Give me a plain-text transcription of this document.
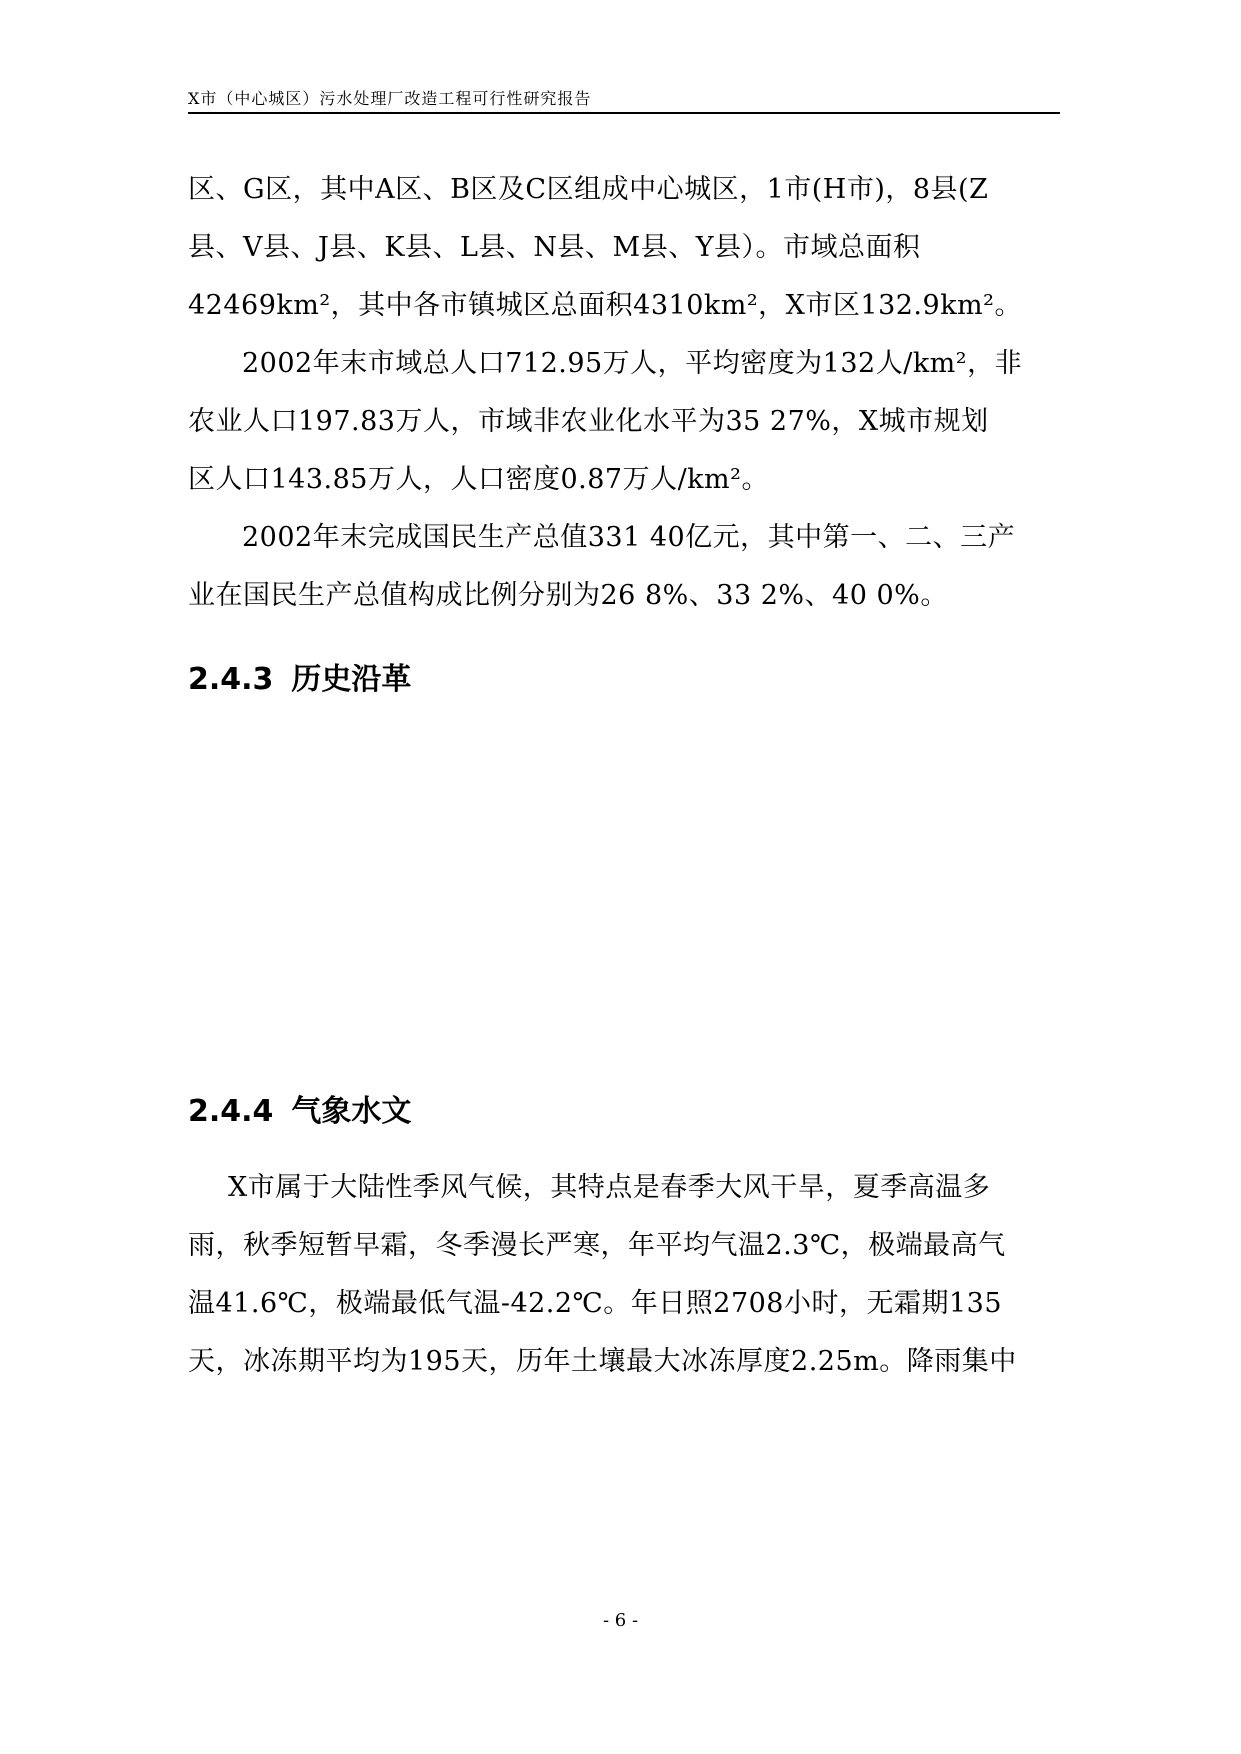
X市（中心城区）污水处理厂改造工程可行性研究报告
区、G区，其中A区、B区及C区组成中心城区，1市(H市)，8县(Z
县、V县、J县、K县、L县、N县、M县、Y县）。市域总面积
42469km²，其中各市镇城区总面积4310km²，X市区132.9km²。
2002年末市域总人口712.95万人，平均密度为132人/km²，非
农业人口197.83万人，市域非农业化水平为35 27%，X城市规划
区人口143.85万人，人口密度0.87万人/km²。
2002年末完成国民生产总值331 40亿元，其中第一、二、三产
业在国民生产总值构成比例分别为26 8%、33 2%、40 0%。
2.4.3 历史沿革
2.4.4 气象水文
X市属于大陆性季风气候，其特点是春季大风干旱，夏季高温多
雨，秋季短暂早霜，冬季漫长严寒，年平均气温2.3℃，极端最高气
温41.6℃，极端最低气温-42.2℃。年日照2708小时，无霜期135
天，冰冻期平均为195天，历年土壤最大冰冻厚度2.25m。降雨集中
- 6 -
